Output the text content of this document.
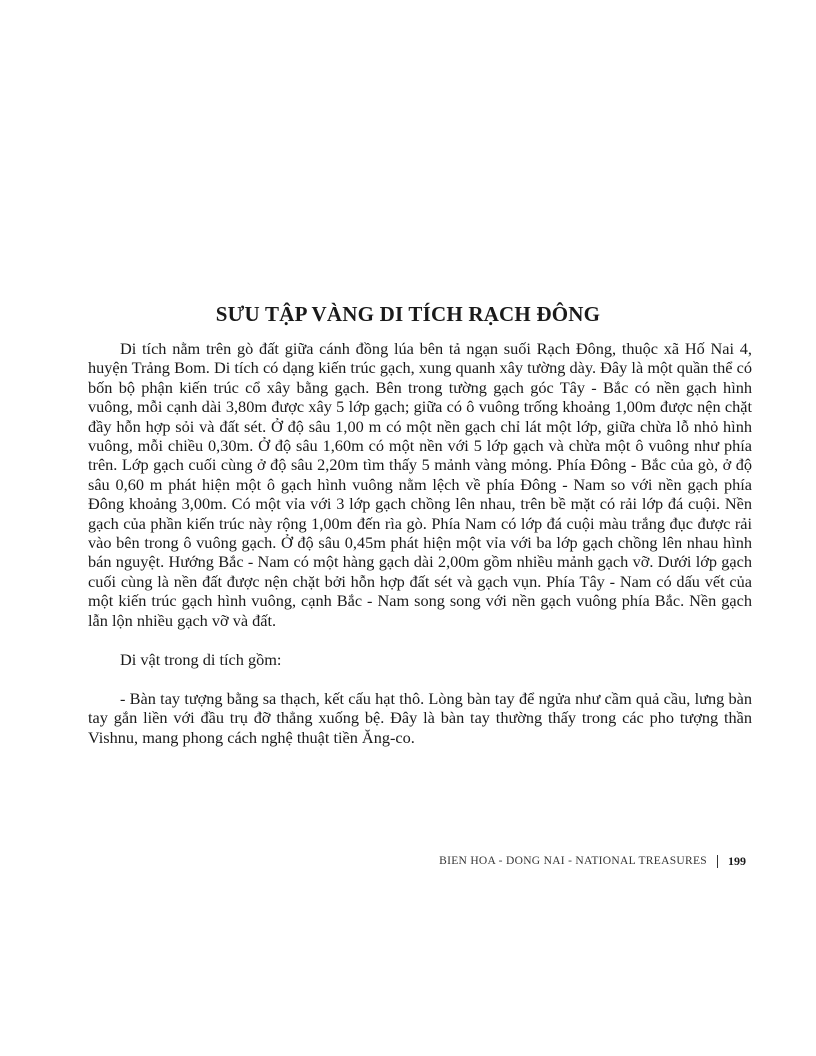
SƯU TẬP VÀNG DI TÍCH RẠCH ĐÔNG

Di tích nằm trên gò đất giữa cánh đồng lúa bên tả ngạn suối Rạch Đông, thuộc xã Hố Nai 4, huyện Trảng Bom. Di tích có dạng kiến trúc gạch, xung quanh xây tường dày. Đây là một quần thể có bốn bộ phận kiến trúc cổ xây bằng gạch. Bên trong tường gạch góc Tây - Bắc có nền gạch hình vuông, mỗi cạnh dài 3,80m được xây 5 lớp gạch; giữa có ô vuông trống khoảng 1,00m được nện chặt đầy hỗn hợp sỏi và đất sét. Ở độ sâu 1,00 m có một nền gạch chỉ lát một lớp, giữa chừa lỗ nhỏ hình vuông, mỗi chiều 0,30m. Ở độ sâu 1,60m có một nền với 5 lớp gạch và chừa một ô vuông như phía trên. Lớp gạch cuối cùng ở độ sâu 2,20m tìm thấy 5 mảnh vàng mỏng. Phía Đông - Bắc của gò, ở độ sâu 0,60 m phát hiện một ô gạch hình vuông nằm lệch về phía Đông - Nam so với nền gạch phía Đông khoảng 3,00m. Có một vỉa với 3 lớp gạch chồng lên nhau, trên bề mặt có rải lớp đá cuội. Nền gạch của phần kiến trúc này rộng 1,00m đến rìa gò. Phía Nam có lớp đá cuội màu trắng đục được rải vào bên trong ô vuông gạch. Ở độ sâu 0,45m phát hiện một vỉa với ba lớp gạch chồng lên nhau hình bán nguyệt. Hướng Bắc - Nam có một hàng gạch dài 2,00m gồm nhiều mảnh gạch vỡ. Dưới lớp gạch cuối cùng là nền đất được nện chặt bởi hỗn hợp đất sét và gạch vụn. Phía Tây - Nam có dấu vết của một kiến trúc gạch hình vuông, cạnh Bắc - Nam song song với nền gạch vuông phía Bắc. Nền gạch lẫn lộn nhiều gạch vỡ và đất.

Di vật trong di tích gồm:

- Bàn tay tượng bằng sa thạch, kết cấu hạt thô. Lòng bàn tay để ngửa như cầm quả cầu, lưng bàn tay gắn liền với đầu trụ đỡ thẳng xuống bệ. Đây là bàn tay thường thấy trong các pho tượng thần Vishnu, mang phong cách nghệ thuật tiền Ăng-co.

BIEN HOA - DONG NAI - NATIONAL TREASURES 199
